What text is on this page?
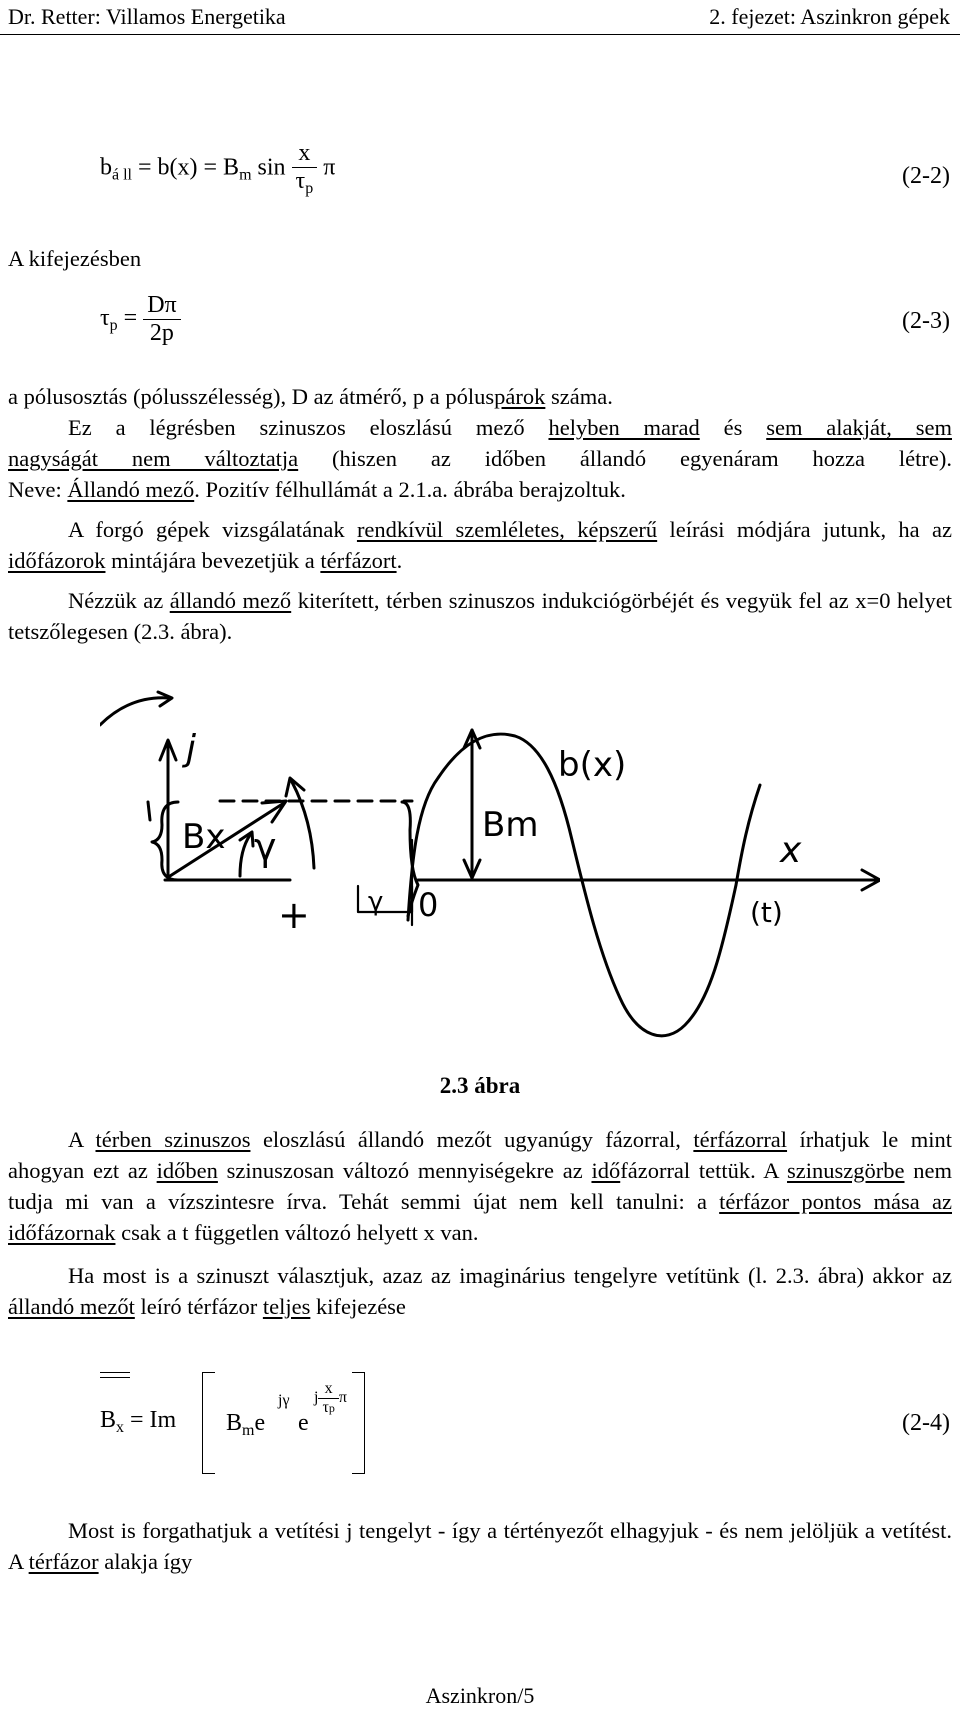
Dr. Retter: Villamos Energetika	2. fejezet: Aszinkron gépek
$b_{á ll} = b(x) = B_m$ $\sin \frac{x}{\tau_p}$ π	(2-2)
A kifejezésben
$\tau_p = \frac{D\pi}{2p}$	(2-3)
a pólusosztás (pólusszélesség), D az átmérő, p a póluspárok száma.
Ez a légrésben szinuszos eloszlású mező helyben marad és sem alakját, sem
nagyságát nem változtatja (hiszen az időben állandó egyenáram hozza létre).
Neve: Állandó mező. Pozitív félhullámát a 2.1.a. ábrába berajzoltuk.
A forgó gépek vizsgálatának rendkívül szemléletes, képszerű leírási módjára jutunk, ha az időfázorok mintájára bevezetjük a térfázort.
Nézzük az állandó mező kiterített, térben szinuszos indukciógörbéjét és vegyük fel az x=0 helyet tetszőlegesen (2.3. ábra).
j
Bx γ
+
b(x)
Bm
x
(t)
0
γ
2.3 ábra
A térben szinuszos eloszlású állandó mezőt ugyanúgy fázorral, térfázorral írhatjuk le mint ahogyan ezt az időben szinuszosan változó mennyiségekre az időfázorral tettük. A szinuszgörbe nem tudja mi van a vízszintesre írva. Tehát semmi újat nem kell tanulni: a térfázor pontos mása az időfázornak csak a t független változó helyett x van.
Ha most is a szinuszt választjuk, azaz az imaginárius tengelyre vetítünk (l. 2.3. ábra) akkor az állandó mezőt leíró térfázor teljes kifejezése
$B_x = Im$ $B_me$
jγ
e
j $\frac{x}{\tau p}$ π
(2-4)
Most is forgathatjuk a vetítési j tengelyt - így a tértényezőt elhagyjuk - és nem jelöljük a vetítést. A térfázor alakja így
Aszinkron/5
